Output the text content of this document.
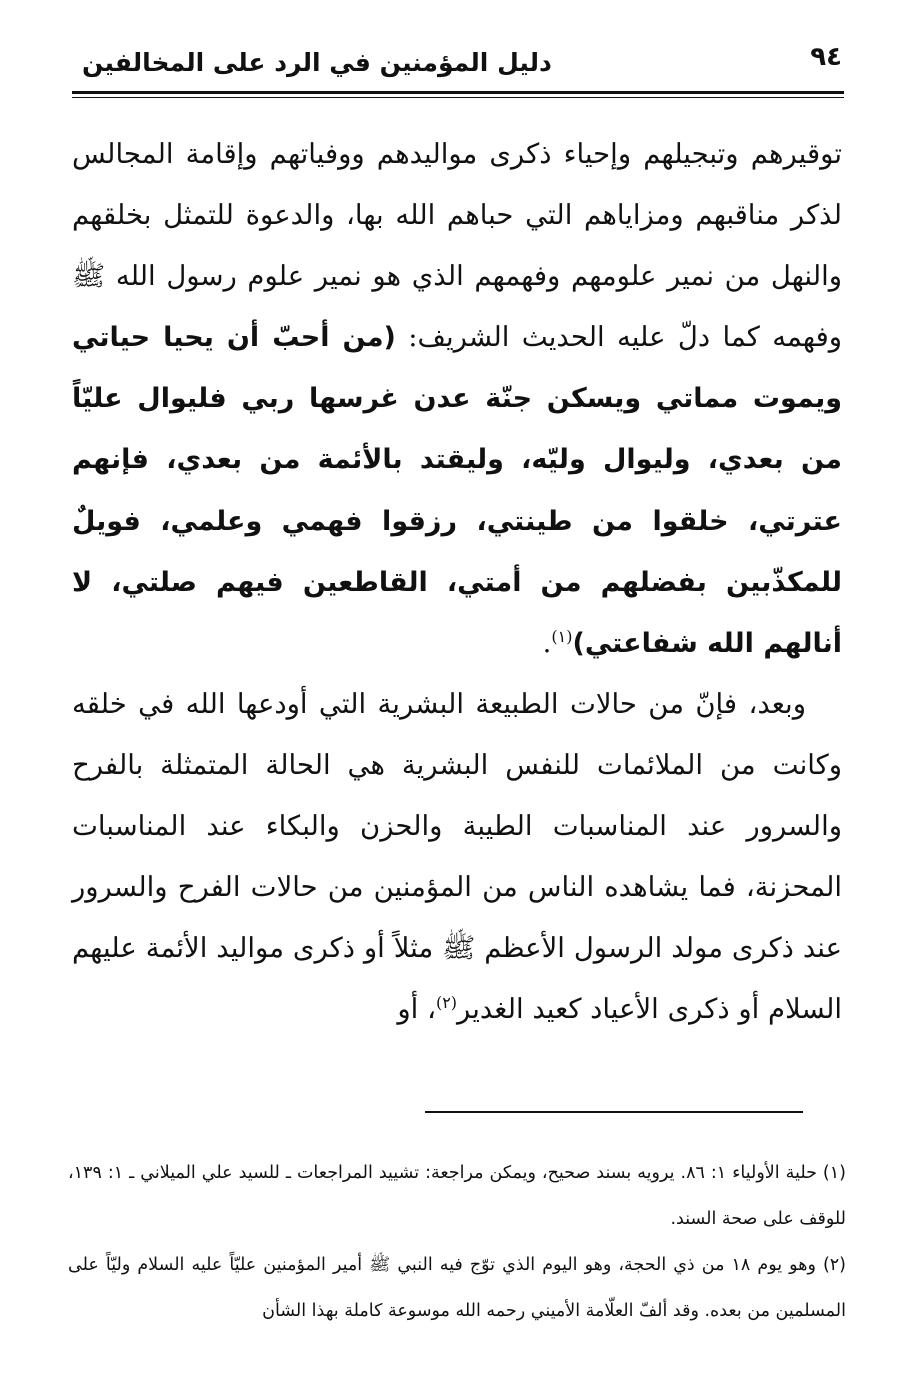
٩٤
دليل المؤمنين في الرد على المخالفين

توقيرهم وتبجيلهم وإحياء ذكرى مواليدهم ووفياتهم وإقامة المجالس لذكر مناقبهم ومزاياهم التي حباهم الله بها، والدعوة للتمثل بخلقهم والنهل من نمير علومهم وفهمهم الذي هو نمير علوم رسول الله ﷺ وفهمه كما دلّ عليه الحديث الشريف: (من أحبّ أن يحيا حياتي ويموت مماتي ويسكن جنّة عدن غرسها ربي فليوال عليّاً من بعدي، وليوال وليّه، وليقتد بالأئمة من بعدي، فإنهم عترتي، خلقوا من طينتي، رزقوا فهمي وعلمي، فويلٌ للمكذّبين بفضلهم من أمتي، القاطعين فيهم صلتي، لا أنالهم الله شفاعتي)$^{(١)}$.

وبعد، فإنّ من حالات الطبيعة البشرية التي أودعها الله في خلقه وكانت من الملائمات للنفس البشرية هي الحالة المتمثلة بالفرح والسرور عند المناسبات الطيبة والحزن والبكاء عند المناسبات المحزنة، فما يشاهده الناس من المؤمنين من حالات الفرح والسرور عند ذكرى مولد الرسول الأعظم ﷺ مثلاً أو ذكرى مواليد الأئمة عليهم السلام أو ذكرى الأعياد كعيد الغدير$^{(٢)}$، أو

(١) حلية الأولياء ١: ٨٦. يرويه بسند صحيح، ويمكن مراجعة: تشييد المراجعات ـ للسيد علي الميلاني ـ ١: ١٣٩، للوقف على صحة السند.

(٢) وهو يوم ١٨ من ذي الحجة، وهو اليوم الذي توّج فيه النبي ﷺ أمير المؤمنين عليّاً عليه السلام وليّاً على المسلمين من بعده. وقد ألفّ العلّامة الأميني رحمه الله موسوعة كاملة بهذا الشأن
